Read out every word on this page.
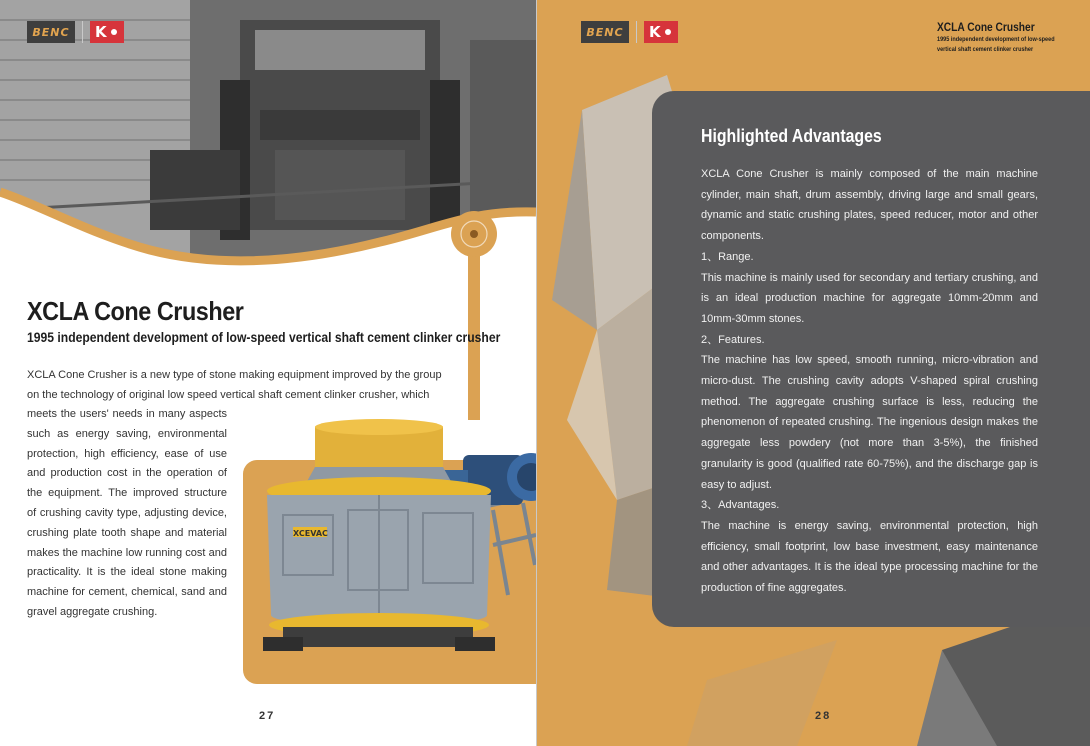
BENC	K
XCLA Cone Crusher
1995 independent development of low-speed vertical shaft cement clinker crusher
XCLA Cone Crusher is a new type of stone making equipment improved by the group on the technology of original low speed vertical shaft cement clinker crusher, which
meets the users' needs in many aspects such as energy saving, environmental protection, high efficiency, ease of use and production cost in the operation of the equipment. The improved structure of crushing cavity type, adjusting device, crushing plate tooth shape and material makes the machine low running cost and practicality. It is the ideal stone making machine for cement, chemical, sand and gravel aggregate crushing.
XCEVAC
27
BENC	K	XCLA Cone Crusher
1995 independent development of low-speed
vertical shaft cement clinker crusher
Highlighted Advantages

XCLA Cone Crusher is mainly composed of the main machine cylinder, main shaft, drum assembly, driving large and small gears, dynamic and static crushing plates, speed reducer, motor and other components.

1、Range.

This machine is mainly used for secondary and tertiary crushing, and is an ideal production machine for aggregate 10mm-20mm and 10mm-30mm stones.

2、Features.

The machine has low speed, smooth running, micro-vibration and micro-dust. The crushing cavity adopts V-shaped spiral crushing method. The aggregate crushing surface is less, reducing the phenomenon of repeated crushing. The ingenious design makes the aggregate less powdery (not more than 3-5%), the finished granularity is good (qualified rate 60-75%), and the discharge gap is easy to adjust.

3、Advantages.

The machine is energy saving, environmental protection, high efficiency, small footprint, low base investment, easy maintenance and other advantages. It is the ideal type processing machine for the production of fine aggregates.

28
